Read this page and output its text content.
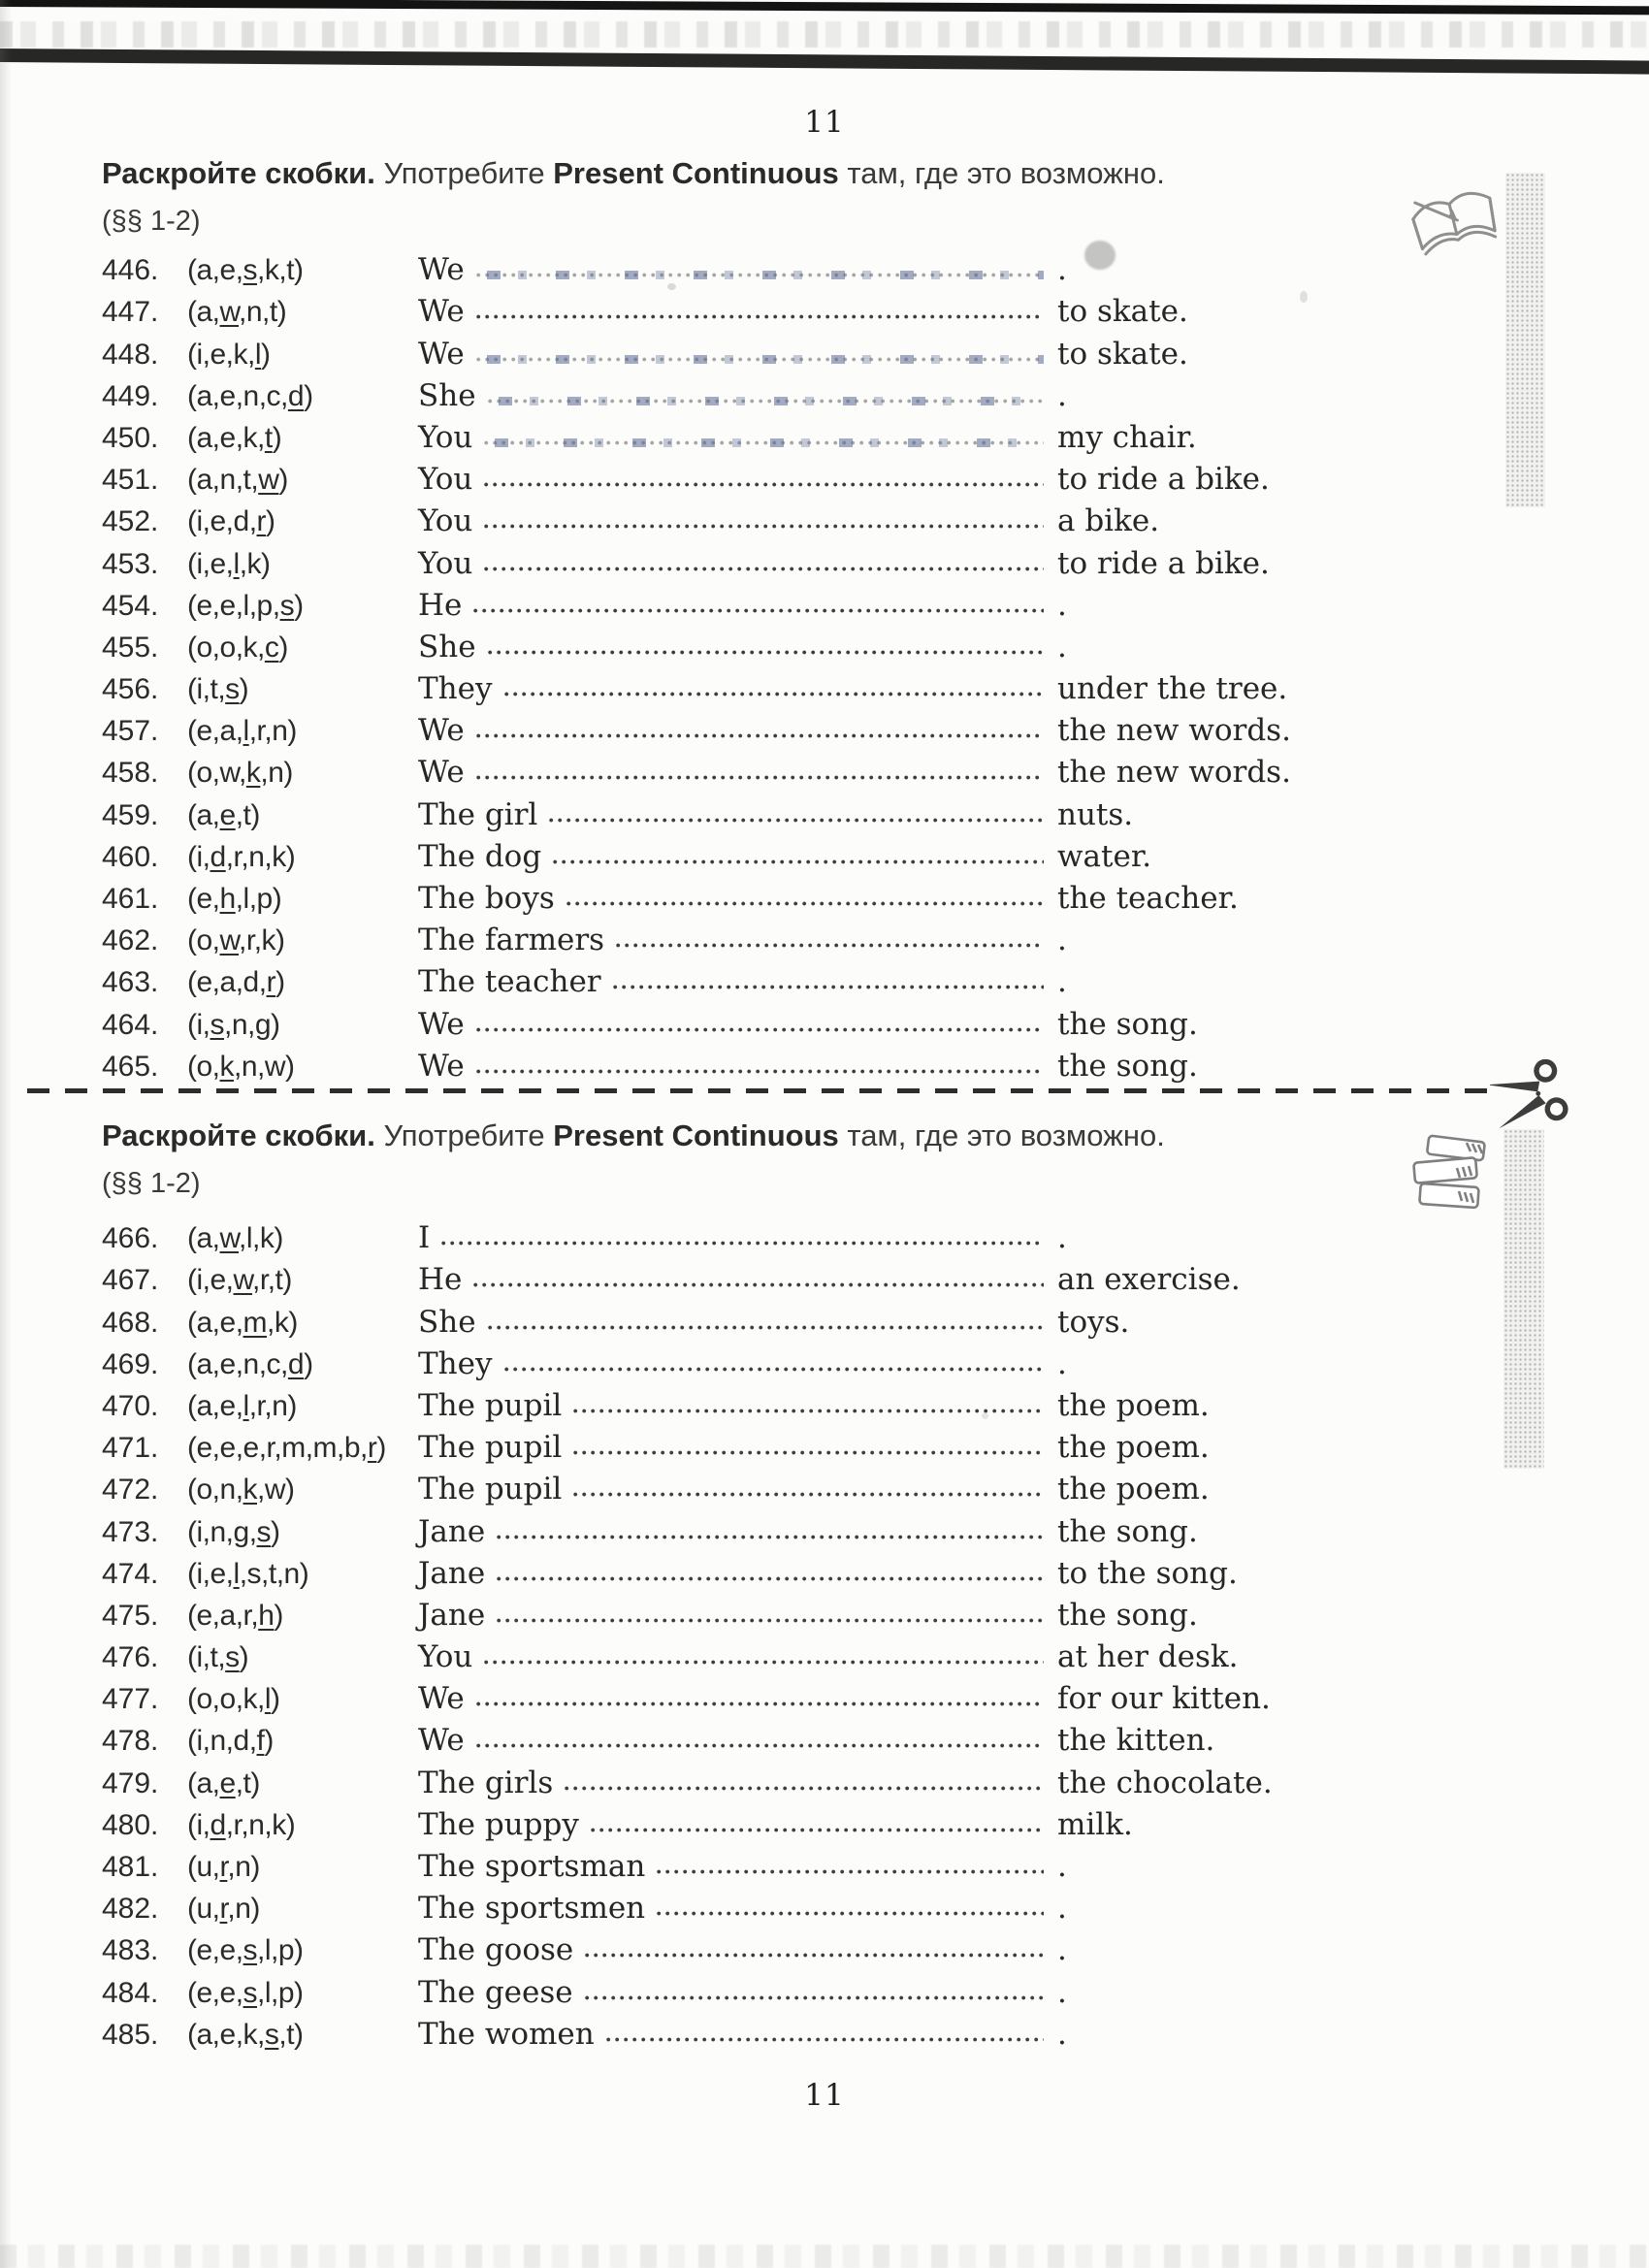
11
Раскройте скобки. Употребите Present Continuous там, где это возможно.
(§§ 1-2)
446. (a,e,s,k,t)	We	.
447. (a,w,n,t)	We	to skate.
448. (i,e,k,l)	We	to skate.
449. (a,e,n,c,d)	She	.
450. (a,e,k,t)	You	my chair.
451. (a,n,t,w)	You	to ride a bike.
452. (i,e,d,r)	You	a bike.
453. (i,e,l,k)	You	to ride a bike.
454. (e,e,l,p,s)	He	.
455. (o,o,k,c)	She	.
456. (i,t,s)	They	under the tree.
457. (e,a,l,r,n)	We	the new words.
458. (o,w,k,n)	We	the new words.
459. (a,e,t)	The girl	nuts.
460. (i,d,r,n,k)	The dog	water.
461. (e,h,l,p)	The boys	the teacher.
462. (o,w,r,k)	The farmers	.
463. (e,a,d,r)	The teacher	.
464. (i,s,n,g)	We	the song.
465. (o,k,n,w)	We	the song.
Раскройте скобки. Употребите Present Continuous там, где это возможно.
(§§ 1-2)
466. (a,w,l,k)	I	.
467. (i,e,w,r,t)	He	an exercise.
468. (a,e,m,k)	She	toys.
469. (a,e,n,c,d)	They	.
470. (a,e,l,r,n)	The pupil	the poem.
471. (e,e,e,r,m,m,b,r)	The pupil	the poem.
472. (o,n,k,w)	The pupil	the poem.
473. (i,n,g,s)	Jane	the song.
474. (i,e,l,s,t,n)	Jane	to the song.
475. (e,a,r,h)	Jane	the song.
476. (i,t,s)	You	at her desk.
477. (o,o,k,l)	We	for our kitten.
478. (i,n,d,f)	We	the kitten.
479. (a,e,t)	The girls	the chocolate.
480. (i,d,r,n,k)	The puppy	milk.
481. (u,r,n)	The sportsman	.
482. (u,r,n)	The sportsmen	.
483. (e,e,s,l,p)	The goose	.
484. (e,e,s,l,p)	The geese	.
485. (a,e,k,s,t)	The women	.
11
